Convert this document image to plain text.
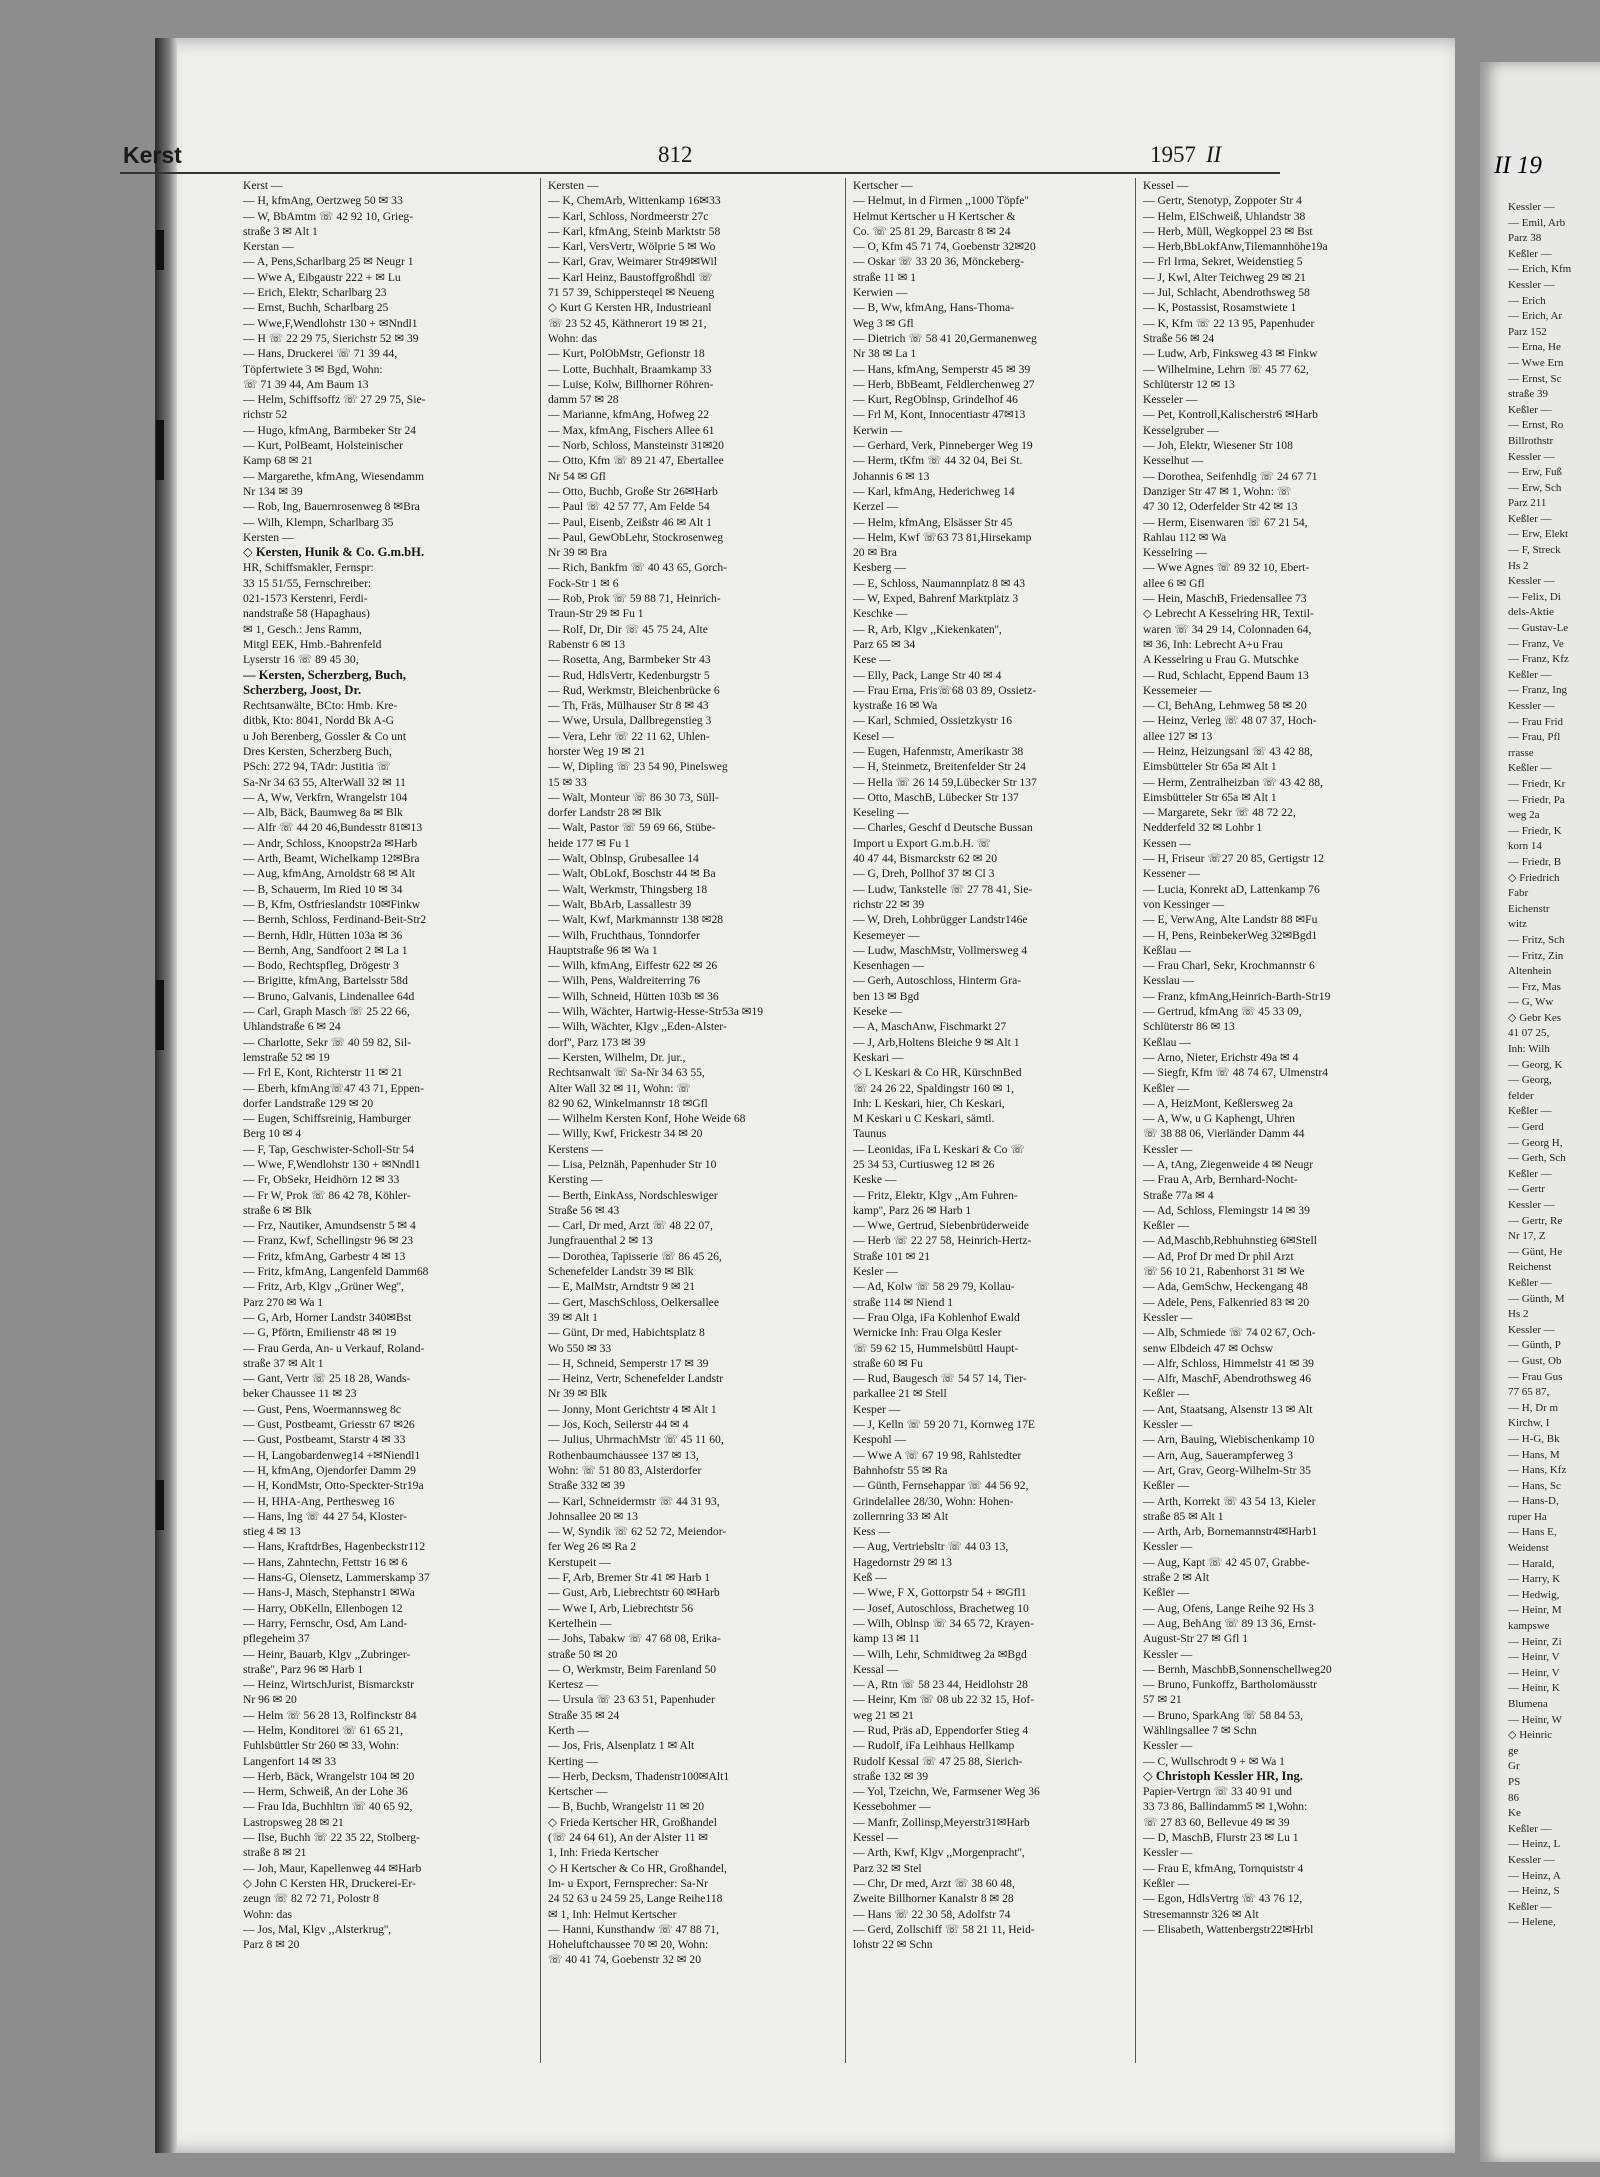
Kerst	812	1957 II
Kerst —
— H, kfmAng, Oertzweg 50 ✉ 33
— W, BbAmtm ☏ 42 92 10, Grieg-
straße 3 ✉ Alt 1
Kerstan —
— A, Pens,Scharlbarg 25 ✉ Neugr 1
— Wwe A, Eibgaustr 222 + ✉ Lu
— Erich, Elektr, Scharlbarg 23
— Ernst, Buchh, Scharlbarg 25
— Wwe,F,Wendlohstr 130 + ✉Nndl1
— H ☏ 22 29 75, Sierichstr 52 ✉ 39
— Hans, Druckerei ☏ 71 39 44,
Töpfertwiete 3 ✉ Bgd, Wohn:
☏ 71 39 44, Am Baum 13
— Helm, Schiffsoffz ☏ 27 29 75, Sie-
richstr 52
— Hugo, kfmAng, Barmbeker Str 24
— Kurt, PolBeamt, Holsteinischer
Kamp 68 ✉ 21
— Margarethe, kfmAng, Wiesendamm
Nr 134 ✉ 39
— Rob, Ing, Bauernrosenweg 8 ✉Bra
— Wilh, Klempn, Scharlbarg 35
Kersten —
◇ Kersten, Hunik & Co. G.m.bH.
HR, Schiffsmakler, Fernspr:
33 15 51/55, Fernschreiber:
021-1573 Kerstenri, Ferdi-
nandstraße 58 (Hapaghaus)
✉ 1, Gesch.: Jens Ramm,
Mitgl EEK, Hmb.-Bahrenfeld
Lyserstr 16 ☏ 89 45 30,
— Kersten, Scherzberg, Buch,
Scherzberg, Joost, Dr.
Rechtsanwälte, BCto: Hmb. Kre-
ditbk, Kto: 8041, Nordd Bk A-G
u Joh Berenberg, Gossler & Co unt
Dres Kersten, Scherzberg Buch,
PSch: 272 94, TAdr: Justitia ☏
Sa-Nr 34 63 55, AlterWall 32 ✉ 11
— A, Ww, Verkfrn, Wrangelstr 104
— Alb, Bäck, Baumweg 8a ✉ Blk
— Alfr ☏ 44 20 46,Bundesstr 81✉13
— Andr, Schloss, Knoopstr2a ✉Harb
— Arth, Beamt, Wichelkamp 12✉Bra
— Aug, kfmAng, Arnoldstr 68 ✉ Alt
— B, Schauerm, Im Ried 10 ✉ 34
— B, Kfm, Ostfrieslandstr 10✉Finkw
— Bernh, Schloss, Ferdinand-Beit-Str2
— Bernh, Hdlr, Hütten 103a ✉ 36
— Bernh, Ang, Sandfoort 2 ✉ La 1
— Bodo, Rechtspfleg, Drögestr 3
— Brigitte, kfmAng, Bartelsstr 58d
— Bruno, Galvanis, Lindenallee 64d
— Carl, Graph Masch ☏ 25 22 66,
Uhlandstraße 6 ✉ 24
— Charlotte, Sekr ☏ 40 59 82, Sil-
lemstraße 52 ✉ 19
— Frl E, Kont, Richterstr 11 ✉ 21
— Eberh, kfmAng☏47 43 71, Eppen-
dorfer Landstraße 129 ✉ 20
— Eugen, Schiffsreinig, Hamburger
Berg 10 ✉ 4
— F, Tap, Geschwister-Scholl-Str 54
— Wwe, F,Wendlohstr 130 + ✉Nndl1
— Fr, ObSekr, Heidhörn 12 ✉ 33
— Fr W, Prok ☏ 86 42 78, Köhler-
straße 6 ✉ Blk
— Frz, Nautiker, Amundsenstr 5 ✉ 4
— Franz, Kwf, Schellingstr 96 ✉ 23
— Fritz, kfmAng, Garbestr 4 ✉ 13
— Fritz, kfmAng, Langenfeld Damm68
— Fritz, Arb, Klgv ,,Grüner Weg'',
Parz 270 ✉ Wa 1
— G, Arb, Horner Landstr 340✉Bst
— G, Pförtn, Emilienstr 48 ✉ 19
— Frau Gerda, An- u Verkauf, Roland-
straße 37 ✉ Alt 1
— Gant, Vertr ☏ 25 18 28, Wands-
beker Chaussee 11 ✉ 23
— Gust, Pens, Woermannsweg 8c
— Gust, Postbeamt, Griesstr 67 ✉26
— Gust, Postbeamt, Starstr 4 ✉ 33
— H, Langobardenweg14 +✉Niendl1
— H, kfmAng, Ojendorfer Damm 29
— H, KondMstr, Otto-Speckter-Str19a
— H, HHA-Ang, Perthesweg 16
— Hans, Ing ☏ 44 27 54, Kloster-
stieg 4 ✉ 13
— Hans, KraftdrBes, Hagenbeckstr112
— Hans, Zahntechn, Fettstr 16 ✉ 6
— Hans-G, Olensetz, Lammerskamp 37
— Hans-J, Masch, Stephanstr1 ✉Wa
— Harry, ObKelln, Ellenbogen 12
— Harry, Fernschr, Osd, Am Land-
pflegeheim 37
— Heinr, Bauarb, Klgv ,,Zubringer-
straße'', Parz 96 ✉ Harb 1
— Heinz, WirtschJurist, Bismarckstr
Nr 96 ✉ 20
— Helm ☏ 56 28 13, Rolfinckstr 84
— Helm, Konditorei ☏ 61 65 21,
Fuhlsbüttler Str 260 ✉ 33, Wohn:
Langenfort 14 ✉ 33
— Herb, Bäck, Wrangelstr 104 ✉ 20
— Herm, Schweiß, An der Lohe 36
— Frau Ida, Buchhltrn ☏ 40 65 92,
Lastropsweg 28 ✉ 21
— Ilse, Buchh ☏ 22 35 22, Stolberg-
straße 8 ✉ 21
— Joh, Maur, Kapellenweg 44 ✉Harb
◇ John C Kersten HR, Druckerei-Er-
zeugn ☏ 82 72 71, Polostr 8
Wohn: das
— Jos, Mal, Klgv ,,Alsterkrug'',
Parz 8 ✉ 20
Kersten —
— K, ChemArb, Wittenkamp 16✉33
— Karl, Schloss, Nordmeerstr 27c
— Karl, kfmAng, Steinb Marktstr 58
— Karl, VersVertr, Wölprie 5 ✉ Wo
— Karl, Grav, Weimarer Str49✉Wil
— Karl Heinz, Baustoffgroßhdl ☏
71 57 39, Schippersteqel ✉ Neueng
◇ Kurt G Kersten HR, Industrieanl
☏ 23 52 45, Käthnerort 19 ✉ 21,
Wohn: das
— Kurt, PolObMstr, Gefionstr 18
— Lotte, Buchhalt, Braamkamp 33
— Luise, Kolw, Billhorner Röhren-
damm 57 ✉ 28
— Marianne, kfmAng, Hofweg 22
— Max, kfmAng, Fischers Allee 61
— Norb, Schloss, Mansteinstr 31✉20
— Otto, Kfm ☏ 89 21 47, Ebertallee
Nr 54 ✉ Gfl
— Otto, Buchb, Große Str 26✉Harb
— Paul ☏ 42 57 77, Am Felde 54
— Paul, Eisenb, Zeißstr 46 ✉ Alt 1
— Paul, GewObLehr, Stockrosenweg
Nr 39 ✉ Bra
— Rich, Bankfm ☏ 40 43 65, Gorch-
Fock-Str 1 ✉ 6
— Rob, Prok ☏ 59 88 71, Heinrich-
Traun-Str 29 ✉ Fu 1
— Rolf, Dr, Dir ☏ 45 75 24, Alte
Rabenstr 6 ✉ 13
— Rosetta, Ang, Barmbeker Str 43
— Rud, HdlsVertr, Kedenburgstr 5
— Rud, Werkmstr, Bleichenbrücke 6
— Th, Fräs, Mülhauser Str 8 ✉ 43
— Wwe, Ursula, Dallbregenstieg 3
— Vera, Lehr ☏ 22 11 62, Uhlen-
horster Weg 19 ✉ 21
— W, Dipling ☏ 23 54 90, Pinelsweg
15 ✉ 33
— Walt, Monteur ☏ 86 30 73, Süll-
dorfer Landstr 28 ✉ Blk
— Walt, Pastor ☏ 59 69 66, Stübe-
heide 177 ✉ Fu 1
— Walt, Oblnsp, Grubesallee 14
— Walt, ObLokf, Boschstr 44 ✉ Ba
— Walt, Werkmstr, Thingsberg 18
— Walt, BbArb, Lassallestr 39
— Walt, Kwf, Markmannstr 138 ✉28
— Wilh, Fruchthaus, Tonndorfer
Hauptstraße 96 ✉ Wa 1
— Wilh, kfmAng, Eiffestr 622 ✉ 26
— Wilh, Pens, Waldreiterring 76
— Wilh, Schneid, Hütten 103b ✉ 36
— Wilh, Wächter, Hartwig-Hesse-Str53a ✉19
— Wilh, Wächter, Klgv ,,Eden-Alster-
dorf'', Parz 173 ✉ 39
— Kersten, Wilhelm, Dr. jur.,
Rechtsanwalt ☏ Sa-Nr 34 63 55,
Alter Wall 32 ✉ 11, Wohn: ☏
82 90 62, Winkelmannstr 18 ✉Gfl
— Wilhelm Kersten Konf, Hohe Weide 68
— Willy, Kwf, Frickestr 34 ✉ 20
Kerstens —
— Lisa, Pelznäh, Papenhuder Str 10
Kersting —
— Berth, EinkAss, Nordschleswiger
Straße 56 ✉ 43
— Carl, Dr med, Arzt ☏ 48 22 07,
Jungfrauenthal 2 ✉ 13
— Dorothea, Tapisserie ☏ 86 45 26,
Schenefelder Landstr 39 ✉ Blk
— E, MalMstr, Arndtstr 9 ✉ 21
— Gert, MaschSchloss, Oelkersallee
39 ✉ Alt 1
— Günt, Dr med, Habichtsplatz 8
Wo 550 ✉ 33
— H, Schneid, Semperstr 17 ✉ 39
— Heinz, Vertr, Schenefelder Landstr
Nr 39 ✉ Blk
— Jonny, Mont Gerichtstr 4 ✉ Alt 1
— Jos, Koch, Seilerstr 44 ✉ 4
— Julius, UhrmachMstr ☏ 45 11 60,
Rothenbaumchaussee 137 ✉ 13,
Wohn: ☏ 51 80 83, Alsterdorfer
Straße 332 ✉ 39
— Karl, Schneidermstr ☏ 44 31 93,
Johnsallee 20 ✉ 13
— W, Syndik ☏ 62 52 72, Meiendor-
fer Weg 26 ✉ Ra 2
Kerstupeit —
— F, Arb, Bremer Str 41 ✉ Harb 1
— Gust, Arb, Liebrechtstr 60 ✉Harb
— Wwe I, Arb, Liebrechtstr 56
Kertelhein —
— Johs, Tabakw ☏ 47 68 08, Erika-
straße 50 ✉ 20
— O, Werkmstr, Beim Farenland 50
Kertesz —
— Ursula ☏ 23 63 51, Papenhuder
Straße 35 ✉ 24
Kerth —
— Jos, Fris, Alsenplatz 1 ✉ Alt
Kerting —
— Herb, Decksm, Thadenstr100✉Alt1
Kertscher —
— B, Buchb, Wrangelstr 11 ✉ 20
◇ Frieda Kertscher HR, Großhandel
(☏ 24 64 61), An der Alster 11 ✉
1, Inh: Frieda Kertscher
◇ H Kertscher & Co HR, Großhandel,
Im- u Export, Fernsprecher: Sa-Nr
24 52 63 u 24 59 25, Lange Reihe118
✉ 1, Inh: Helmut Kertscher
— Hanni, Kunsthandw ☏ 47 88 71,
Hoheluftchaussee 70 ✉ 20, Wohn:
☏ 40 41 74, Goebenstr 32 ✉ 20
Kertscher —
— Helmut, in d Firmen ,,1000 Töpfe''
Helmut Kertscher u H Kertscher &
Co. ☏ 25 81 29, Barcastr 8 ✉ 24
— O, Kfm 45 71 74, Goebenstr 32✉20
— Oskar ☏ 33 20 36, Mönckeberg-
straße 11 ✉ 1
Kerwien —
— B, Ww, kfmAng, Hans-Thoma-
Weg 3 ✉ Gfl
— Dietrich ☏ 58 41 20,Germanenweg
Nr 38 ✉ La 1
— Hans, kfmAng, Semperstr 45 ✉ 39
— Herb, BbBeamt, Feldlerchenweg 27
— Kurt, RegOblnsp, Grindelhof 46
— Frl M, Kont, Innocentiastr 47✉13
Kerwin —
— Gerhard, Verk, Pinneberger Weg 19
— Herm, tKfm ☏ 44 32 04, Bei St.
Johannis 6 ✉ 13
— Karl, kfmAng, Hederichweg 14
Kerzel —
— Helm, kfmAng, Elsässer Str 45
— Helm, Kwf ☏63 73 81,Hirsekamp
20 ✉ Bra
Kesberg —
— E, Schloss, Naumannplatz 8 ✉ 43
— W, Exped, Bahrenf Marktplatz 3
Keschke —
— R, Arb, Klgv ,,Kiekenkaten'',
Parz 65 ✉ 34
Kese —
— Elly, Pack, Lange Str 40 ✉ 4
— Frau Erna, Fris☏68 03 89, Ossietz-
kystraße 16 ✉ Wa
— Karl, Schmied, Ossietzkystr 16
Kesel —
— Eugen, Hafenmstr, Amerikastr 38
— H, Steinmetz, Breitenfelder Str 24
— Hella ☏ 26 14 59,Lübecker Str 137
— Otto, MaschB, Lübecker Str 137
Keseling —
— Charles, Geschf d Deutsche Bussan
Import u Export G.m.b.H. ☏
40 47 44, Bismarckstr 62 ✉ 20
— G, Dreh, Pollhof 37 ✉ Cl 3
— Ludw, Tankstelle ☏ 27 78 41, Sie-
richstr 22 ✉ 39
— W, Dreh, Lohbrügger Landstr146e
Kesemeyer —
— Ludw, MaschMstr, Vollmersweg 4
Kesenhagen —
— Gerh, Autoschloss, Hinterm Gra-
ben 13 ✉ Bgd
Keseke —
— A, MaschAnw, Fischmarkt 27
— J, Arb,Holtens Bleiche 9 ✉ Alt 1
Keskari —
◇ L Keskari & Co HR, KürschnBed
☏ 24 26 22, Spaldingstr 160 ✉ 1,
Inh: L Keskari, hier, Ch Keskari,
M Keskari u C Keskari, sämtl.
Taunus
— Leonidas, iFa L Keskari & Co ☏
25 34 53, Curtiusweg 12 ✉ 26
Keske —
— Fritz, Elektr, Klgv ,,Am Fuhren-
kamp'', Parz 26 ✉ Harb 1
— Wwe, Gertrud, Siebenbrüderweide
— Herb ☏ 22 27 58, Heinrich-Hertz-
Straße 101 ✉ 21
Kesler —
— Ad, Kolw ☏ 58 29 79, Kollau-
straße 114 ✉ Niend 1
— Frau Olga, iFa Kohlenhof Ewald
Wernicke Inh: Frau Olga Kesler
☏ 59 62 15, Hummelsbüttl Haupt-
straße 60 ✉ Fu
— Rud, Baugesch ☏ 54 57 14, Tier-
parkallee 21 ✉ Stell
Kesper —
— J, Kelln ☏ 59 20 71, Kornweg 17E
Kespohl —
— Wwe A ☏ 67 19 98, Rahlstedter
Bahnhofstr 55 ✉ Ra
— Günth, Fernsehappar ☏ 44 56 92,
Grindelallee 28/30, Wohn: Hohen-
zollernring 33 ✉ Alt
Kess —
— Aug, Vertriebsltr ☏ 44 03 13,
Hagedornstr 29 ✉ 13
Keß —
— Wwe, F X, Gottorpstr 54 + ✉Gfl1
— Josef, Autoschloss, Brachetweg 10
— Wilh, Oblnsp ☏ 34 65 72, Krayen-
kamp 13 ✉ 11
— Wilh, Lehr, Schmidtweg 2a ✉Bgd
Kessal —
— A, Rtn ☏ 58 23 44, Heidlohstr 28
— Heinr, Km ☏ 08 ub 22 32 15, Hof-
weg 21 ✉ 21
— Rud, Präs aD, Eppendorfer Stieg 4
— Rudolf, iFa Leihhaus Hellkamp
Rudolf Kessal ☏ 47 25 88, Sierich-
straße 132 ✉ 39
— Yol, Tzeichn, We, Farmsener Weg 36
Kessebohmer —
— Manfr, Zollinsp,Meyerstr31✉Harb
Kessel —
— Arth, Kwf, Klgv ,,Morgenpracht'',
Parz 32 ✉ Stel
— Chr, Dr med, Arzt ☏ 38 60 48,
Zweite Billhorner Kanalstr 8 ✉ 28
— Hans ☏ 22 30 58, Adolfstr 74
— Gerd, Zollschiff ☏ 58 21 11, Heid-
lohstr 22 ✉ Schn
Kessel —
— Gertr, Stenotyp, Zoppoter Str 4
— Helm, ElSchweiß, Uhlandstr 38
— Herb, Müll, Wegkoppel 23 ✉ Bst
— Herb,BbLokfAnw,Tilemannhöhe19a
— Frl Irma, Sekret, Weidenstieg 5
— J, Kwl, Alter Teichweg 29 ✉ 21
— Jul, Schlacht, Abendrothsweg 58
— K, Postassist, Rosamstwiete 1
— K, Kfm ☏ 22 13 95, Papenhuder
Straße 56 ✉ 24
— Ludw, Arb, Finksweg 43 ✉ Finkw
— Wilhelmine, Lehrn ☏ 45 77 62,
Schlüterstr 12 ✉ 13
Kesseler —
— Pet, Kontroll,Kalischerstr6 ✉Harb
Kesselgruber —
— Joh, Elektr, Wiesener Str 108
Kesselhut —
— Dorothea, Seifenhdlg ☏ 24 67 71
Danziger Str 47 ✉ 1, Wohn: ☏
47 30 12, Oderfelder Str 42 ✉ 13
— Herm, Eisenwaren ☏ 67 21 54,
Rahlau 112 ✉ Wa
Kesselring —
— Wwe Agnes ☏ 89 32 10, Ebert-
allee 6 ✉ Gfl
— Hein, MaschB, Friedensallee 73
◇ Lebrecht A Kesselring HR, Textil-
waren ☏ 34 29 14, Colonnaden 64,
✉ 36, Inh: Lebrecht A+u Frau
A Kesselring u Frau G. Mutschke
— Rud, Schlacht, Eppend Baum 13
Kessemeier —
— Cl, BehAng, Lehmweg 58 ✉ 20
— Heinz, Verleg ☏ 48 07 37, Hoch-
allee 127 ✉ 13
— Heinz, Heizungsanl ☏ 43 42 88,
Eimsbütteler Str 65a ✉ Alt 1
— Herm, Zentralheizban ☏ 43 42 88,
Eimsbütteler Str 65a ✉ Alt 1
— Margarete, Sekr ☏ 48 72 22,
Nedderfeld 32 ✉ Lohbr 1
Kessen —
— H, Friseur ☏27 20 85, Gertigstr 12
Kessener —
— Lucia, Konrekt aD, Lattenkamp 76
von Kessinger —
— E, VerwAng, Alte Landstr 88 ✉Fu
— H, Pens, ReinbekerWeg 32✉Bgd1
Keßlau —
— Frau Charl, Sekr, Krochmannstr 6
Kesslau —
— Franz, kfmAng,Heinrich-Barth-Str19
— Gertrud, kfmAng ☏ 45 33 09,
Schlüterstr 86 ✉ 13
Keßlau —
— Arno, Nieter, Erichstr 49a ✉ 4
— Siegfr, Kfm ☏ 48 74 67, Ulmenstr4
Keßler —
— A, HeizMont, Keßlersweg 2a
— A, Ww, u G Kaphengt, Uhren
☏ 38 88 06, Vierländer Damm 44
Kessler —
— A, tAng, Ziegenweide 4 ✉ Neugr
— Frau A, Arb, Bernhard-Nocht-
Straße 77a ✉ 4
— Ad, Schloss, Flemingstr 14 ✉ 39
Keßler —
— Ad,Maschb,Rebhuhnstieg 6✉Stell
— Ad, Prof Dr med Dr phil Arzt
☏ 56 10 21, Rabenhorst 31 ✉ We
— Ada, GemSchw, Heckengang 48
— Adele, Pens, Falkenried 83 ✉ 20
Kessler —
— Alb, Schmiede ☏ 74 02 67, Och-
senw Elbdeich 47 ✉ Ochsw
— Alfr, Schloss, Himmelstr 41 ✉ 39
— Alfr, MaschF, Abendrothsweg 46
Keßler —
— Ant, Staatsang, Alsenstr 13 ✉ Alt
Kessler —
— Arn, Bauing, Wiebischenkamp 10
— Arn, Aug, Sauerampferweg 3
— Art, Grav, Georg-Wilhelm-Str 35
Keßler —
— Arth, Korrekt ☏ 43 54 13, Kieler
straße 85 ✉ Alt 1
— Arth, Arb, Bornemannstr4✉Harb1
Kessler —
— Aug, Kapt ☏ 42 45 07, Grabbe-
straße 2 ✉ Alt
Keßler —
— Aug, Ofens, Lange Reihe 92 Hs 3
— Aug, BehAng ☏ 89 13 36, Ernst-
August-Str 27 ✉ Gfl 1
Kessler —
— Bernh, MaschbB,Sonnenschellweg20
— Bruno, Funkoffz, Bartholomäusstr
57 ✉ 21
— Bruno, SparkAng ☏ 58 84 53,
Wählingsallee 7 ✉ Schn
Kessler —
— C, Wullschrodt 9 + ✉ Wa 1
◇ Christoph Kessler HR, Ing.
Papier-Vertrgn ☏ 33 40 91 und
33 73 86, Ballindamm5 ✉ 1,Wohn:
☏ 27 83 60, Bellevue 49 ✉ 39
— D, MaschB, Flurstr 23 ✉ Lu 1
Kessler —
— Frau E, kfmAng, Tornquiststr 4
Keßler —
— Egon, HdlsVertrg ☏ 43 76 12,
Stresemannstr 326 ✉ Alt
— Elisabeth, Wattenbergstr22✉Hrbl
II 19
Kessler —
— Emil, Arb
Parz 38
Keßler —
— Erich, Kfm
Kessler —
— Erich
— Erich, Ar
Parz 152
— Erna, He
— Wwe Ern
— Ernst, Sc
straße 39
Keßler —
— Ernst, Ro
Billrothstr
Kessler —
— Erw, Fuß
— Erw, Sch
Parz 211
Keßler —
— Erw, Elekt
— F, Streck
Hs 2
Kessler —
— Felix, Di
dels-Aktie
— Gustav-Le
— Franz, Ve
— Franz, Kfz
Keßler —
— Franz, Ing
Kessler —
— Frau Frid
— Frau, Pfl
rrasse
Keßler —
— Friedr, Kr
— Friedr, Pa
weg 2a
— Friedr, K
korn 14
— Friedr, B
◇ Friedrich
Fabr
Eichenstr
witz
— Fritz, Sch
— Fritz, Zin
Altenhein
— Frz, Mas
— G, Ww
◇ Gebr Kes
41 07 25,
Inh: Wilh
— Georg, K
— Georg,
felder
Keßler —
— Gerd
— Georg H,
— Gerh, Sch
Keßler —
— Gertr
Kessler —
— Gertr, Re
Nr 17, Z
— Günt, He
Reichenst
Keßler —
— Günth, M
Hs 2
Kessler —
— Günth, P
— Gust, Ob
— Frau Gus
77 65 87,
— H, Dr m
Kirchw, I
— H-G, Bk
— Hans, M
— Hans, Kfz
— Hans, Sc
— Hans-D,
ruper Ha
— Hans E,
Weidenst
— Harald,
— Harry, K
— Hedwig,
— Heinr, M
kampswe
— Heinr, Zi
— Heinr, V
— Heinr, V
— Heinr, K
Blumena
— Heinr, W
◇ Heinric
ge
Gr
PS
86
Ke
Keßler —
— Heinz, L
Kessler —
— Heinz, A
— Heinz, S
Keßler —
— Helene,
